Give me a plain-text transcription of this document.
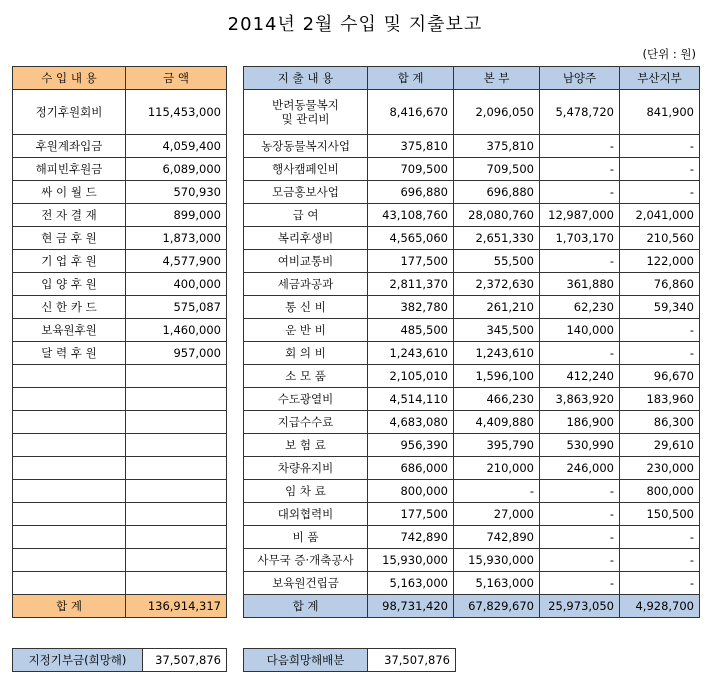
2014년 2월 수입 및 지출보고
(단위 : 원)
수 입 내 용	금 액
정기후원회비	115,453,000
후원계좌입금	4,059,400
해피빈후원금	6,089,000
싸 이 월 드	570,930
전 자 결 재	899,000
현 금 후 원	1,873,000
기 업 후 원	4,577,900
입 양 후 원	400,000
신 한 카 드	575,087
보육원후원	1,460,000
달 력 후 원	957,000

합 계	136,914,317
지 출 내 용	합 계	본 부	남양주	부산지부
반려동물복지
및 관리비	8,416,670	2,096,050	5,478,720	841,900
농장동물복지사업	375,810	375,810	-	-
행사캠페인비	709,500	709,500	-	-
모금홍보사업	696,880	696,880	-	-
급 여	43,108,760	28,080,760	12,987,000	2,041,000
복리후생비	4,565,060	2,651,330	1,703,170	210,560
여비교통비	177,500	55,500	-	122,000
세금과공과	2,811,370	2,372,630	361,880	76,860
통 신 비	382,780	261,210	62,230	59,340
운 반 비	485,500	345,500	140,000	-
회 의 비	1,243,610	1,243,610	-	-
소 모 품	2,105,010	1,596,100	412,240	96,670
수도광열비	4,514,110	466,230	3,863,920	183,960
지급수수료	4,683,080	4,409,880	186,900	86,300
보 험 료	956,390	395,790	530,990	29,610
차량유지비	686,000	210,000	246,000	230,000
임 차 료	800,000	-	-	800,000
대외협력비	177,500	27,000	-	150,500
비 품	742,890	742,890	-	-
사무국 증·개축공사	15,930,000	15,930,000	-	-
보육원건립금	5,163,000	5,163,000	-	-
합 계	98,731,420	67,829,670	25,973,050	4,928,700
지정기부금(희망해)	37,507,876	다음희망해배분	37,507,876
